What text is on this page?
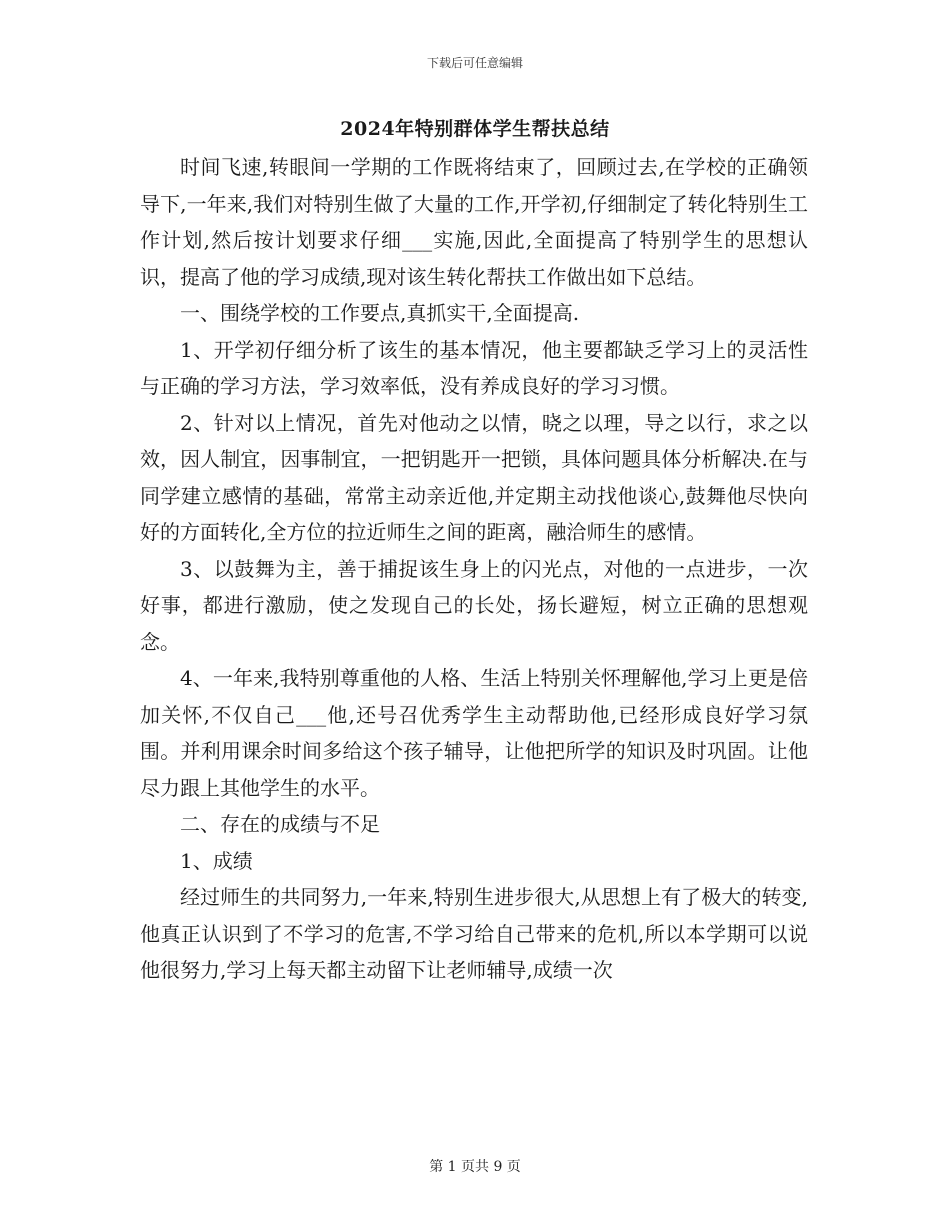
下载后可任意编辑
2024年特别群体学生帮扶总结

时间飞速,转眼间一学期的工作既将结束了，回顾过去,在学校的正确领导下,一年来,我们对特别生做了大量的工作,开学初,仔细制定了转化特别生工作计划,然后按计划要求仔细___实施,因此,全面提高了特别学生的思想认识，提高了他的学习成绩,现对该生转化帮扶工作做出如下总结。

一、围绕学校的工作要点,真抓实干,全面提高.

1、开学初仔细分析了该生的基本情况，他主要都缺乏学习上的灵活性与正确的学习方法，学习效率低，没有养成良好的学习习惯。

2、针对以上情况，首先对他动之以情，晓之以理，导之以行，求之以效，因人制宜，因事制宜，一把钥匙开一把锁，具体问题具体分析解决.在与同学建立感情的基础，常常主动亲近他,并定期主动找他谈心,鼓舞他尽快向好的方面转化,全方位的拉近师生之间的距离，融洽师生的感情。

3、以鼓舞为主，善于捕捉该生身上的闪光点，对他的一点进步，一次好事，都进行激励，使之发现自己的长处，扬长避短，树立正确的思想观念。

4、一年来,我特别尊重他的人格、生活上特别关怀理解他,学习上更是倍加关怀,不仅自己___他,还号召优秀学生主动帮助他,已经形成良好学习氛围。并利用课余时间多给这个孩子辅导，让他把所学的知识及时巩固。让他尽力跟上其他学生的水平。

二、存在的成绩与不足

1、成绩

经过师生的共同努力,一年来,特别生进步很大,从思想上有了极大的转变,他真正认识到了不学习的危害,不学习给自己带来的危机,所以本学期可以说他很努力,学习上每天都主动留下让老师辅导,成绩一次

第 1 页共 9 页
